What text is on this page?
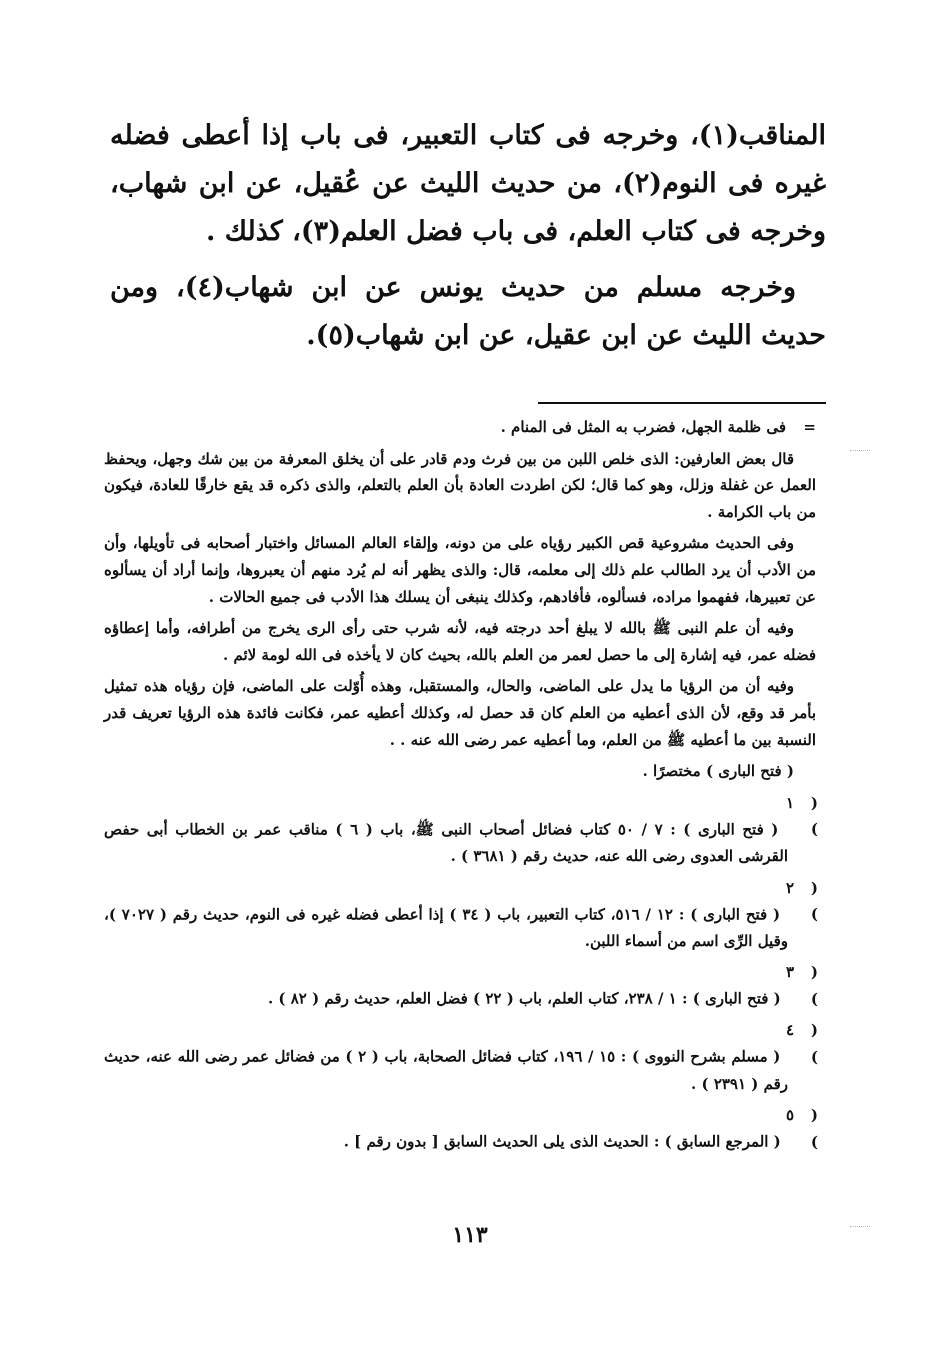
المناقب(١)، وخرجه فى كتاب التعبير، فى باب إذا أعطى فضله غيره فى النوم(٢)، من حديث الليث عن عُقيل، عن ابن شهاب، وخرجه فى كتاب العلم، فى باب فضل العلم(٣)، كذلك .

وخرجه مسلم من حديث يونس عن ابن شهاب(٤)، ومن حديث الليث عن ابن عقيل، عن ابن شهاب(٥).

=

فى ظلمة الجهل، فضرب به المثل فى المنام .

قال بعض العارفين: الذى خلص اللبن من بين فرث ودم قادر على أن يخلق المعرفة من بين شك وجهل، ويحفظ العمل عن غفلة وزلل، وهو كما قال؛ لكن اطردت العادة بأن العلم بالتعلم، والذى ذكره قد يقع خارقًا للعادة، فيكون من باب الكرامة .

وفى الحديث مشروعية قص الكبير رؤياه على من دونه، وإلقاء العالم المسائل واختبار أصحابه فى تأويلها، وأن من الأدب أن يرد الطالب علم ذلك إلى معلمه، قال: والذى يظهر أنه لم يُرد منهم أن يعبروها، وإنما أراد أن يسألوه عن تعبيرها، ففهموا مراده، فسألوه، فأفادهم، وكذلك ينبغى أن يسلك هذا الأدب فى جميع الحالات .

وفيه أن علم النبى ﷺ بالله لا يبلغ أحد درجته فيه، لأنه شرب حتى رأى الرى يخرج من أطرافه، وأما إعطاؤه فضله عمر، فيه إشارة إلى ما حصل لعمر من العلم بالله، بحيث كان لا يأخذه فى الله لومة لائم .

وفيه أن من الرؤيا ما يدل على الماضى، والحال، والمستقبل، وهذه أُوّلت على الماضى، فإن رؤياه هذه تمثيل بأمر قد وقع، لأن الذى أعطيه من العلم كان قد حصل له، وكذلك أعطيه عمر، فكانت فائدة هذه الرؤيا تعريف قدر النسبة بين ما أعطيه ﷺ من العلم، وما أعطيه عمر رضى الله عنه . .

( فتح البارى ) مختصرًا .

( ١ ) ( فتح البارى ) : ٧ / ٥٠ كتاب فضائل أصحاب النبى ﷺ، باب ( ٦ ) مناقب عمر بن الخطاب أبى حفص القرشى العدوى رضى الله عنه، حديث رقم ( ٣٦٨١ ) .

( ٢ ) ( فتح البارى ) : ١٢ / ٥١٦، كتاب التعبير، باب ( ٣٤ ) إذا أعطى فضله غيره فى النوم، حديث رقم ( ٧٠٢٧ )، وقيل الرِّى اسم من أسماء اللبن.

( ٣ ) ( فتح البارى ) : ١ / ٢٣٨، كتاب العلم، باب ( ٢٢ ) فضل العلم، حديث رقم ( ٨٢ ) .

( ٤ ) ( مسلم بشرح النووى ) : ١٥ / ١٩٦، كتاب فضائل الصحابة، باب ( ٢ ) من فضائل عمر رضى الله عنه، حديث رقم ( ٢٣٩١ ) .

( ٥ ) ( المرجع السابق ) : الحديث الذى يلى الحديث السابق [ بدون رقم ] .

١١٣
